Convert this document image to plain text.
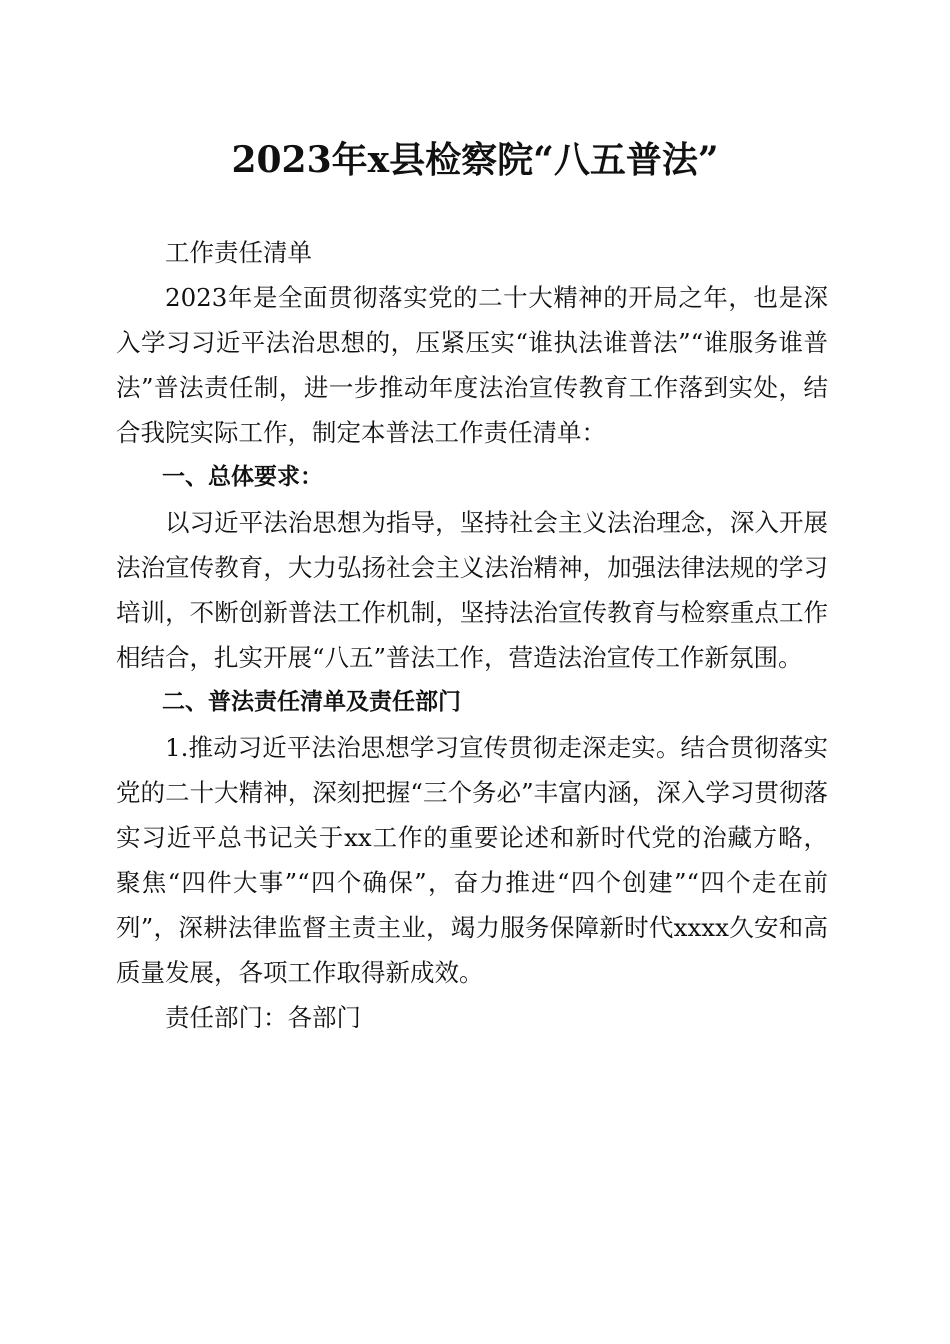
2023年x县检察院“八五普法”

工作责任清单

2023年是全面贯彻落实党的二十大精神的开局之年，也是深入学习习近平法治思想的，压紧压实“谁执法谁普法”“谁服务谁普法”普法责任制，进一步推动年度法治宣传教育工作落到实处，结合我院实际工作，制定本普法工作责任清单：

一、总体要求：

以习近平法治思想为指导，坚持社会主义法治理念，深入开展法治宣传教育，大力弘扬社会主义法治精神，加强法律法规的学习培训，不断创新普法工作机制，坚持法治宣传教育与检察重点工作相结合，扎实开展“八五”普法工作，营造法治宣传工作新氛围。

二、普法责任清单及责任部门

1.推动习近平法治思想学习宣传贯彻走深走实。结合贯彻落实党的二十大精神，深刻把握“三个务必”丰富内涵，深入学习贯彻落实习近平总书记关于xx工作的重要论述和新时代党的治藏方略，聚焦“四件大事”“四个确保”，奋力推进“四个创建”“四个走在前列”，深耕法律监督主责主业，竭力服务保障新时代xxxx久安和高质量发展，各项工作取得新成效。

责任部门：各部门
